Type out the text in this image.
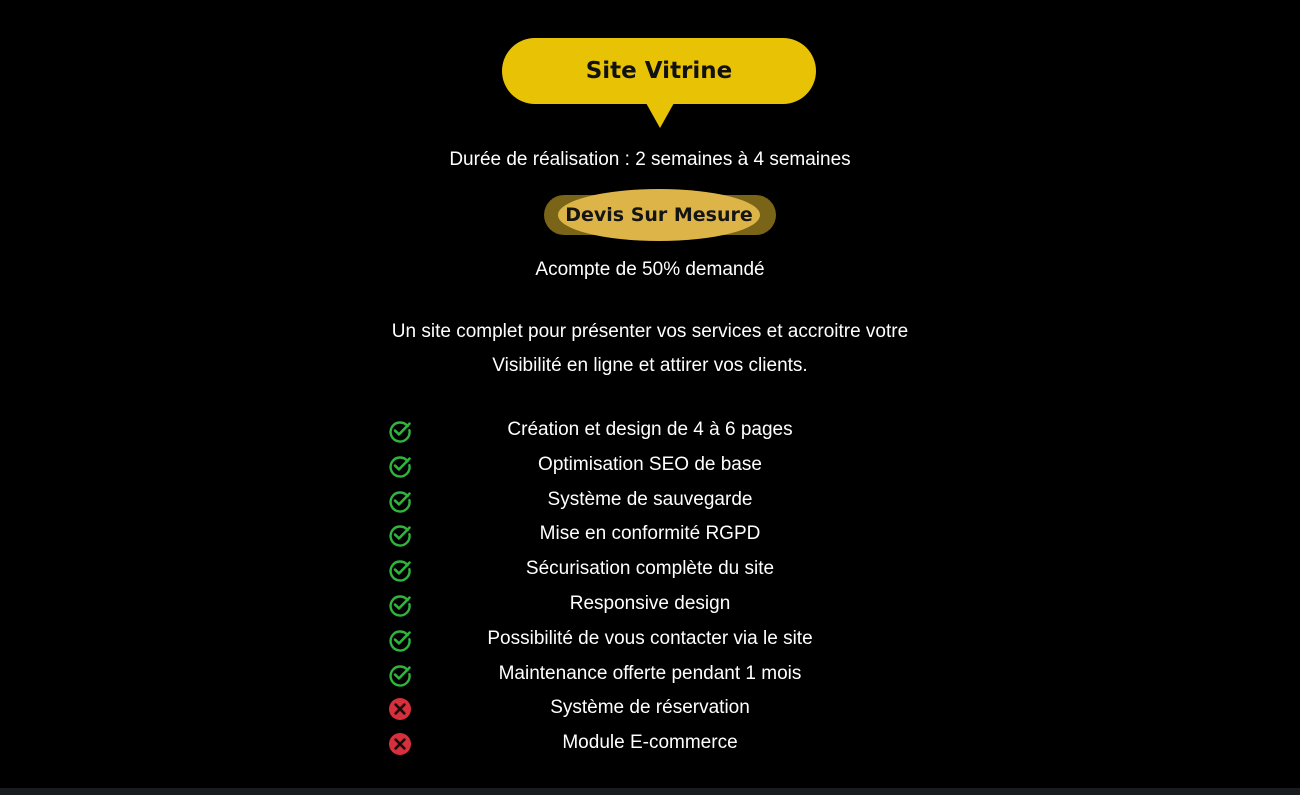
Site Vitrine
Durée de réalisation : 2 semaines à 4 semaines
Devis Sur Mesure
Acompte de 50% demandé
Un site complet pour présenter vos services et accroitre votre
Visibilité en ligne et attirer vos clients.
Création et design de 4 à 6 pages
Optimisation SEO de base
Système de sauvegarde
Mise en conformité RGPD
Sécurisation complète du site
Responsive design
Possibilité de vous contacter via le site
Maintenance offerte pendant 1 mois
Système de réservation
Module E-commerce
